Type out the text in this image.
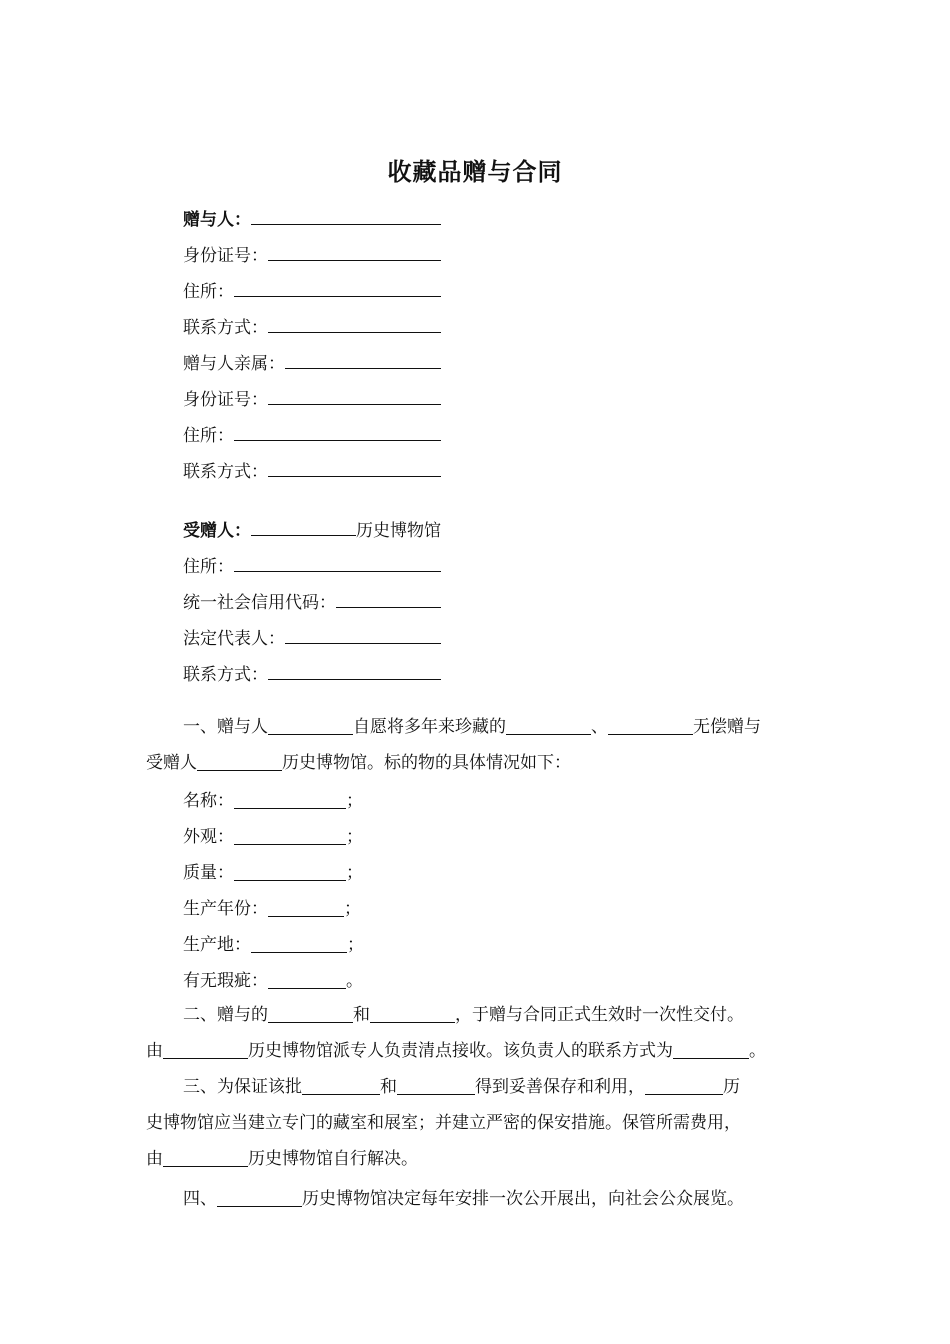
收藏品赠与合同
赠与人：
身份证号：
住所：
联系方式：
赠与人亲属：
身份证号：
住所：
联系方式：
受赠人：	历史博物馆
住所：
统一社会信用代码：
法定代表人：
联系方式：
一、赠与人	自愿将多年来珍藏的	、	无偿赠与
受赠人	历史博物馆。标的物的具体情况如下：
名称：	；
外观：	；
质量：	；
生产年份：	；
生产地：	；
有无瑕疵：	。
二、赠与的	和	，于赠与合同正式生效时一次性交付。
由	历史博物馆派专人负责清点接收。该负责人的联系方式为	。
三、为保证该批	和	得到妥善保存和利用，	历
史博物馆应当建立专门的藏室和展室；并建立严密的保安措施。保管所需费用，
由	历史博物馆自行解决。
四、	历史博物馆决定每年安排一次公开展出，向社会公众展览。
